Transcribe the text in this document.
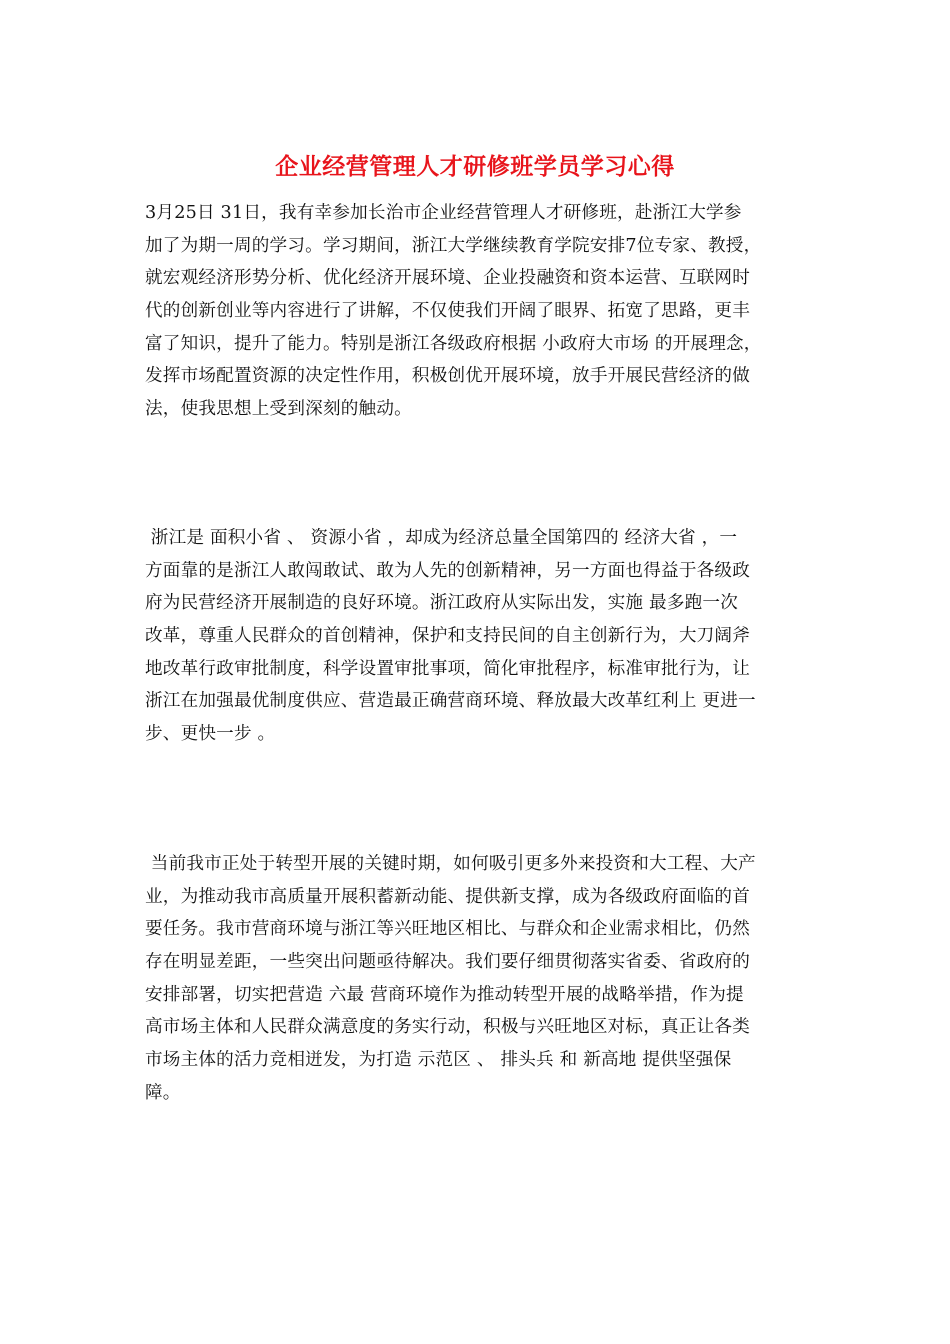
企业经营管理人才研修班学员学习心得
3月25日 31日，我有幸参加长治市企业经营管理人才研修班，赴浙江大学参
加了为期一周的学习。学习期间，浙江大学继续教育学院安排7位专家、教授，
就宏观经济形势分析、优化经济开展环境、企业投融资和资本运营、互联网时
代的创新创业等内容进行了讲解，不仅使我们开阔了眼界、拓宽了思路，更丰
富了知识，提升了能力。特别是浙江各级政府根据 小政府大市场 的开展理念，
发挥市场配置资源的决定性作用，积极创优开展环境，放手开展民营经济的做
法，使我思想上受到深刻的触动。
浙江是 面积小省 、 资源小省 ，却成为经济总量全国第四的 经济大省 ，一
方面靠的是浙江人敢闯敢试、敢为人先的创新精神，另一方面也得益于各级政
府为民营经济开展制造的良好环境。浙江政府从实际出发，实施 最多跑一次
改革，尊重人民群众的首创精神，保护和支持民间的自主创新行为，大刀阔斧
地改革行政审批制度，科学设置审批事项，简化审批程序，标准审批行为，让
浙江在加强最优制度供应、营造最正确营商环境、释放最大改革红利上 更进一
步、更快一步 。
当前我市正处于转型开展的关键时期，如何吸引更多外来投资和大工程、大产
业，为推动我市高质量开展积蓄新动能、提供新支撑，成为各级政府面临的首
要任务。我市营商环境与浙江等兴旺地区相比、与群众和企业需求相比，仍然
存在明显差距，一些突出问题亟待解决。我们要仔细贯彻落实省委、省政府的
安排部署，切实把营造 六最 营商环境作为推动转型开展的战略举措，作为提
高市场主体和人民群众满意度的务实行动，积极与兴旺地区对标，真正让各类
市场主体的活力竞相迸发，为打造 示范区 、 排头兵 和 新高地 提供坚强保
障。
